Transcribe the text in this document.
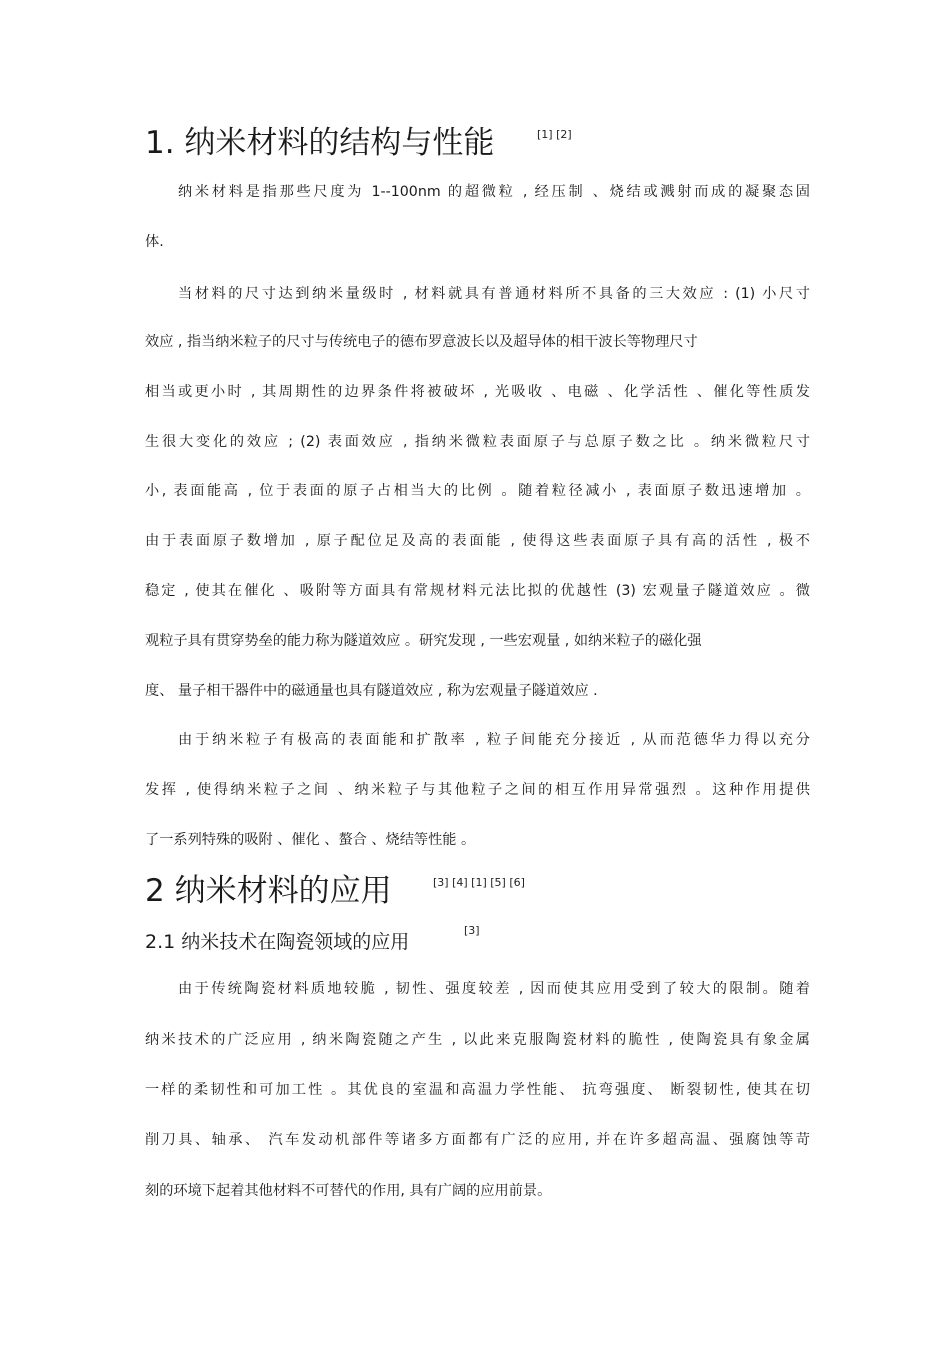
1. 纳米材料的结构与性能	[1] [2]
纳米材料是指那些尺度为 1--100nm 的超微粒 , 经压制 、烧结或溅射而成的凝聚态固
体.
当材料的尺寸达到纳米量级时 , 材料就具有普通材料所不具备的三大效应 : (1) 小尺寸
效应 , 指当纳米粒子的尺寸与传统电子的德布罗意波长以及超导体的相干波长等物理尺寸
相当或更小时 , 其周期性的边界条件将被破坏 , 光吸收 、电磁 、化学活性 、催化等性质发
生很大变化的效应 ; (2) 表面效应 , 指纳米微粒表面原子与总原子数之比 。纳米微粒尺寸
小, 表面能高 , 位于表面的原子占相当大的比例 。随着粒径减小 , 表面原子数迅速增加 。
由于表面原子数增加 , 原子配位足及高的表面能 , 使得这些表面原子具有高的活性 , 极不
稳定 , 使其在催化 、吸附等方面具有常规材料元法比拟的优越性 (3) 宏观量子隧道效应 。微
观粒子具有贯穿势垒的能力称为隧道效应 。研究发现 , 一些宏观量 , 如纳米粒子的磁化强
度、 量子相干器件中的磁通量也具有隧道效应 , 称为宏观量子隧道效应 .
由于纳米粒子有极高的表面能和扩散率 , 粒子间能充分接近 , 从而范德华力得以充分
发挥 , 使得纳米粒子之间 、纳米粒子与其他粒子之间的相互作用异常强烈 。这种作用提供
了一系列特殊的吸附 、催化 、螯合 、烧结等性能 。
2 纳米材料的应用	[3] [4] [1] [5] [6]
2.1 纳米技术在陶瓷领域的应用
[3]
由于传统陶瓷材料质地较脆 , 韧性、强度较差 , 因而使其应用受到了较大的限制。随着
纳米技术的广泛应用 , 纳米陶瓷随之产生 , 以此来克服陶瓷材料的脆性 , 使陶瓷具有象金属
一样的柔韧性和可加工性 。其优良的室温和高温力学性能、 抗弯强度、 断裂韧性, 使其在切
削刀具、轴承、 汽车发动机部件等诸多方面都有广泛的应用, 并在许多超高温、强腐蚀等苛
刻的环境下起着其他材料不可替代的作用, 具有广阔的应用前景。
